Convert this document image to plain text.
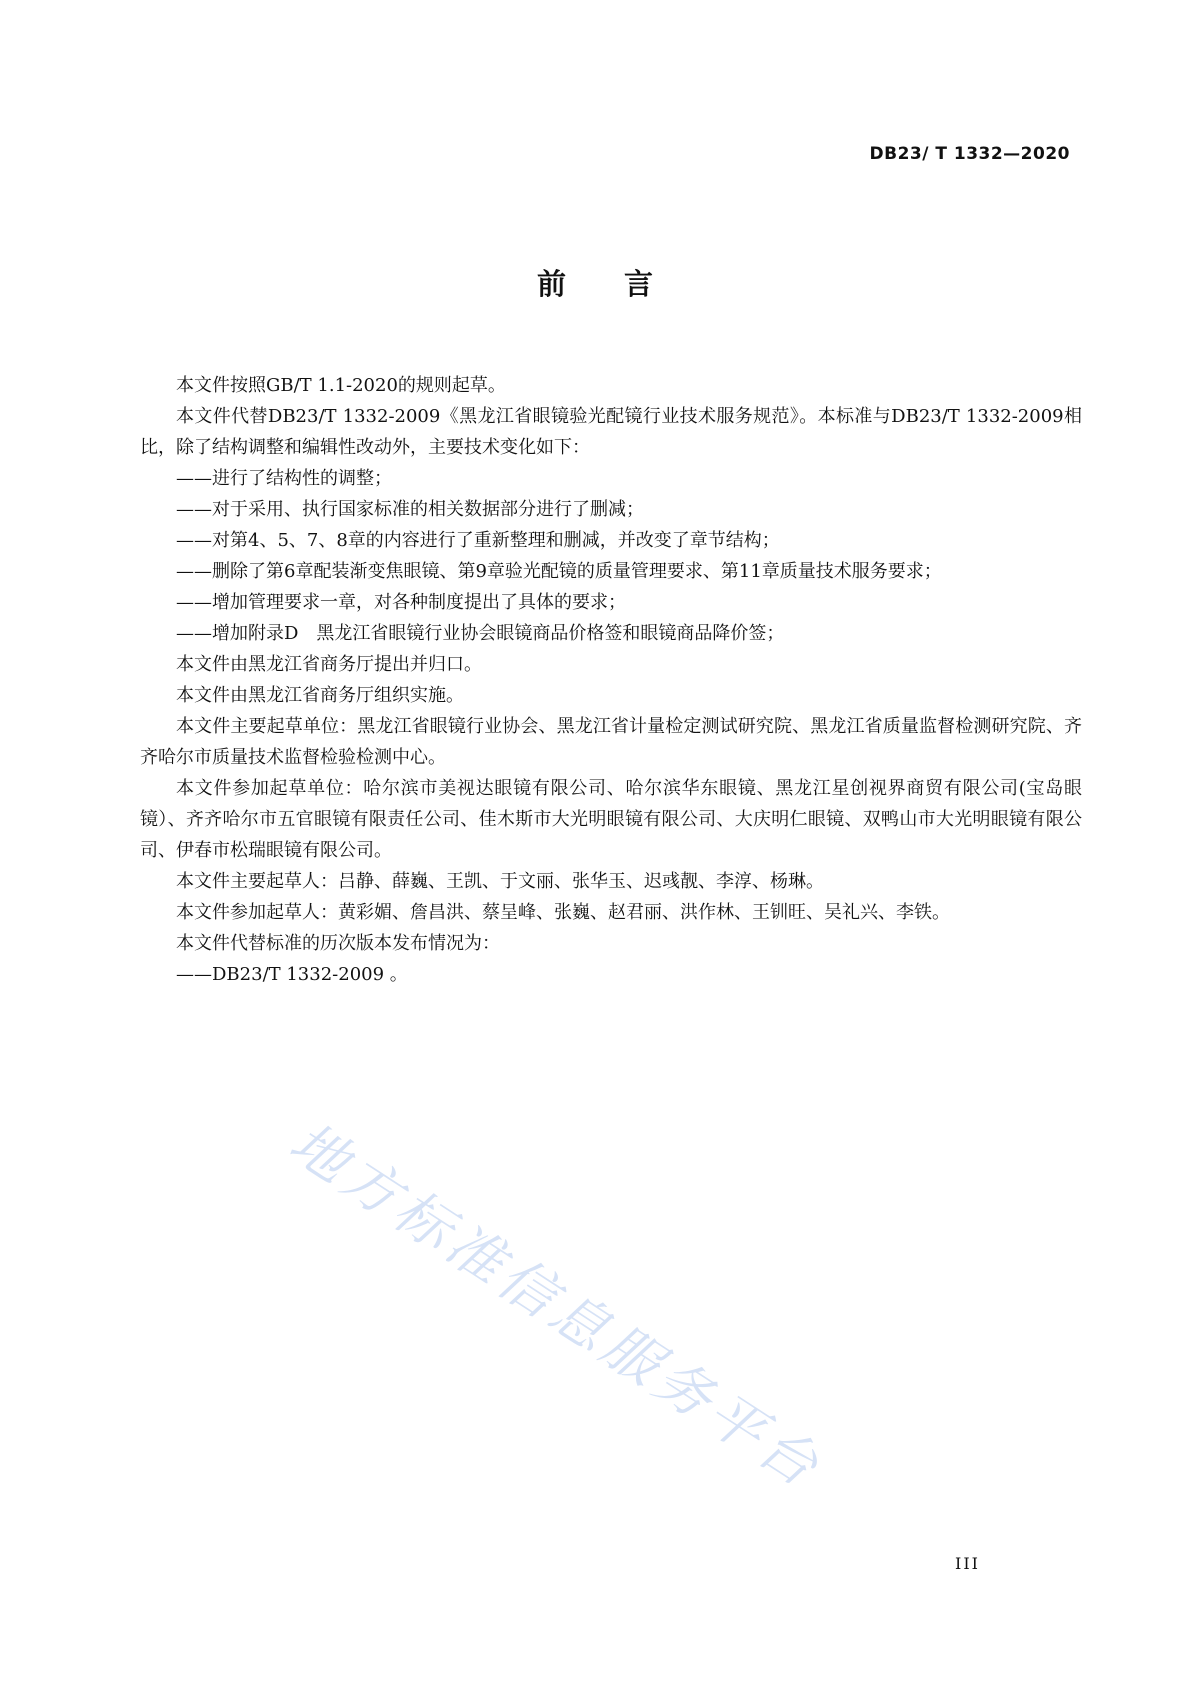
DB23/ T 1332—2020
前言

本文件按照GB/T 1.1-2020的规则起草。

本文件代替DB23/T 1332-2009《黑龙江省眼镜验光配镜行业技术服务规范》。本标准与DB23/T 1332-2009相比，除了结构调整和编辑性改动外，主要技术变化如下：

——进行了结构性的调整；

——对于采用、执行国家标准的相关数据部分进行了删减；

——对第4、5、7、8章的内容进行了重新整理和删减，并改变了章节结构；

——删除了第6章配装渐变焦眼镜、第9章验光配镜的质量管理要求、第11章质量技术服务要求；

——增加管理要求一章，对各种制度提出了具体的要求；

——增加附录D　黑龙江省眼镜行业协会眼镜商品价格签和眼镜商品降价签；

本文件由黑龙江省商务厅提出并归口。

本文件由黑龙江省商务厅组织实施。

本文件主要起草单位：黑龙江省眼镜行业协会、黑龙江省计量检定测试研究院、黑龙江省质量监督检测研究院、齐齐哈尔市质量技术监督检验检测中心。

本文件参加起草单位：哈尔滨市美视达眼镜有限公司、哈尔滨华东眼镜、黑龙江星创视界商贸有限公司(宝岛眼镜）、齐齐哈尔市五官眼镜有限责任公司、佳木斯市大光明眼镜有限公司、大庆明仁眼镜、双鸭山市大光明眼镜有限公司、伊春市松瑞眼镜有限公司。

本文件主要起草人：吕静、薛巍、王凯、于文丽、张华玉、迟彧靓、李淳、杨琳。

本文件参加起草人：黄彩媚、詹昌洪、蔡呈峰、张巍、赵君丽、洪作林、王钏旺、吴礼兴、李铁。

本文件代替标准的历次版本发布情况为：

——DB23/T 1332-2009 。

地方标准信息服务平台
III
